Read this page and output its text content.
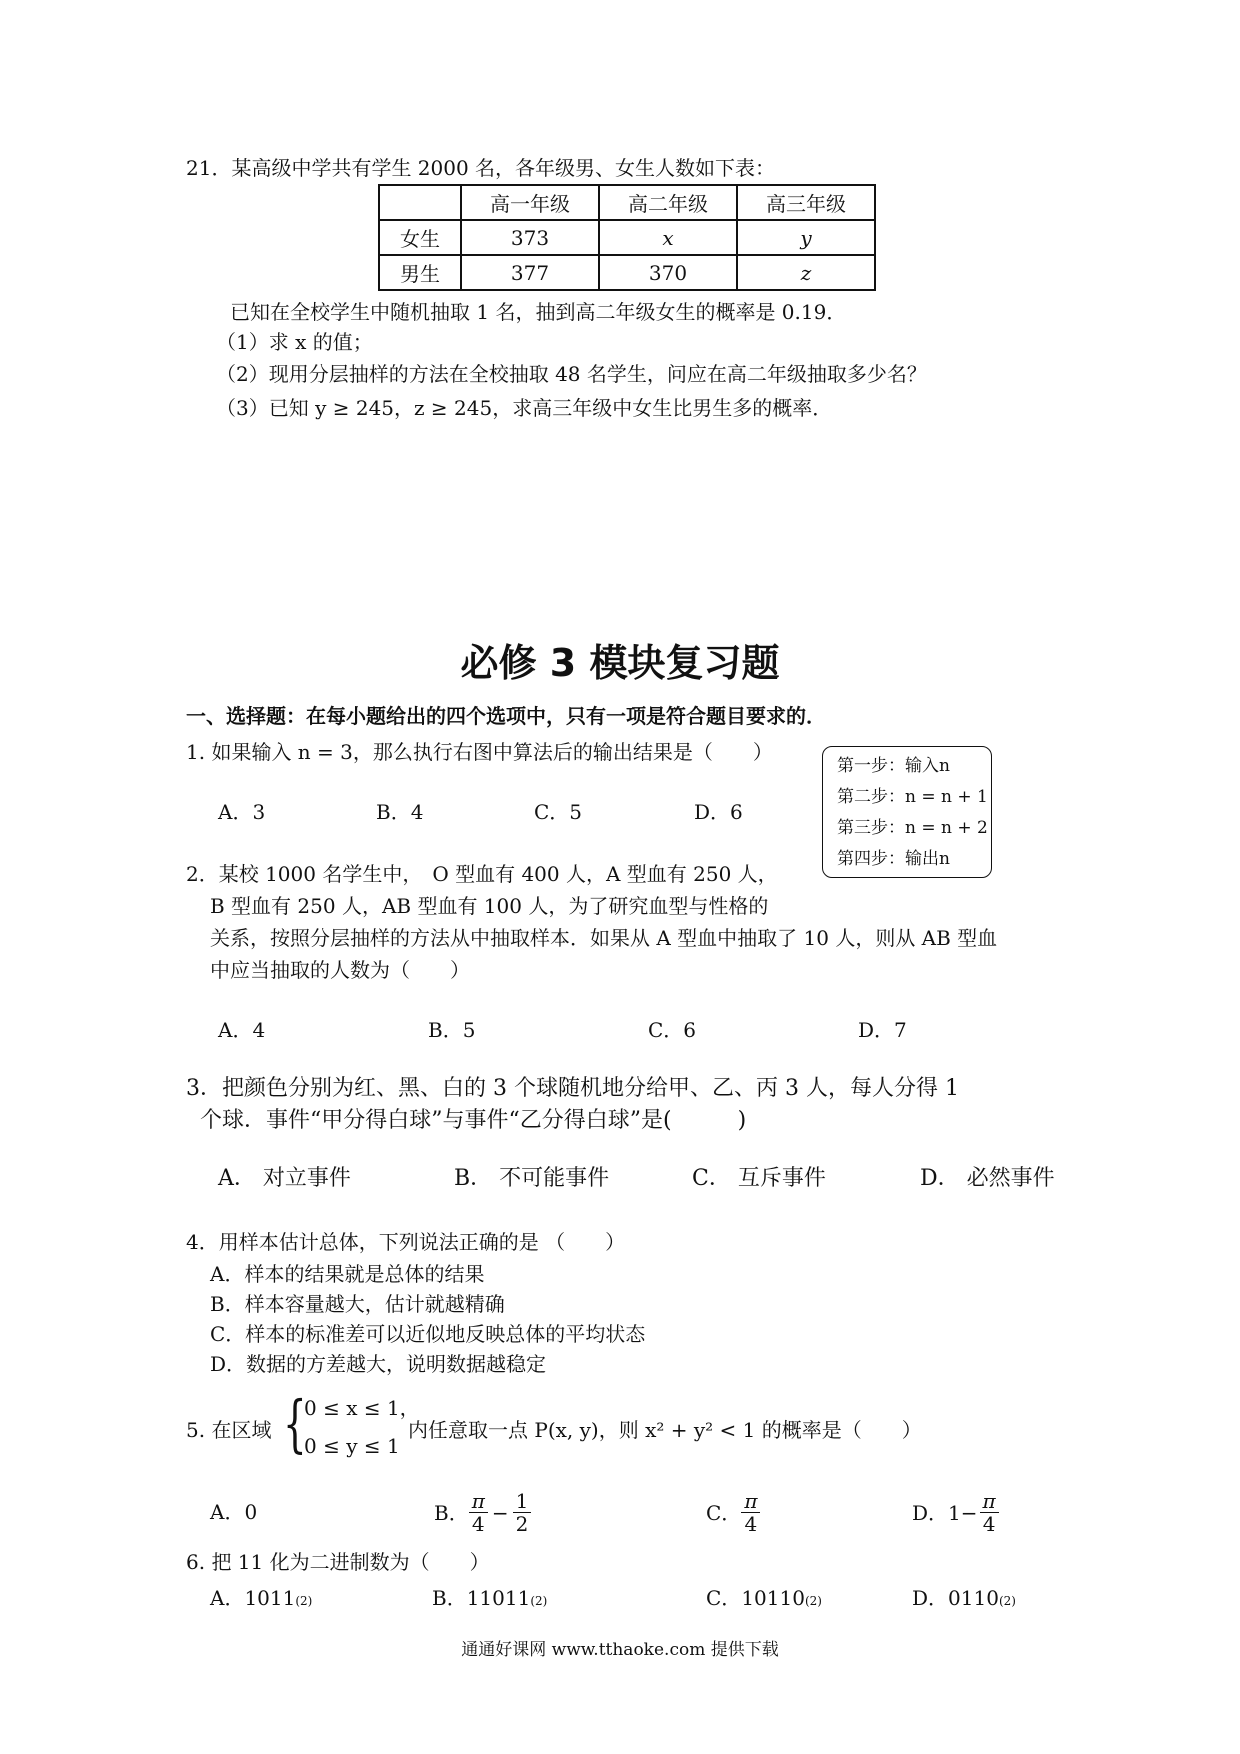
21．某高级中学共有学生 2000 名，各年级男、女生人数如下表：
	高一年级	高二年级	高三年级
女生	373	x	y
男生	377	370	z
已知在全校学生中随机抽取 1 名，抽到高二年级女生的概率是 0.19．
（1）求 x 的值；
（2）现用分层抽样的方法在全校抽取 48 名学生，问应在高二年级抽取多少名？
（3）已知 y ≥ 245，z ≥ 245，求高三年级中女生比男生多的概率．
必修 3 模块复习题
一、选择题：在每小题给出的四个选项中，只有一项是符合题目要求的．
1. 如果输入 n = 3，那么执行右图中算法后的输出结果是（　　）
A．3	B．4	C．5	D．6
第一步：输入n
第二步：n = n + 1
第三步：n = n + 2
第四步：输出n
2．某校 1000 名学生中，　O 型血有 400 人，A 型血有 250 人，
B 型血有 250 人，AB 型血有 100 人，为了研究血型与性格的
关系，按照分层抽样的方法从中抽取样本．如果从 A 型血中抽取了 10 人，则从 AB 型血
中应当抽取的人数为（　　）
A．4	B．5	C．6	D．7
3．把颜色分别为红、黑、白的 3 个球随机地分给甲、乙、丙 3 人，每人分得 1
个球．事件“甲分得白球”与事件“乙分得白球”是(　　　)
A． 对立事件	B． 不可能事件	C． 互斥事件	D． 必然事件
4．用样本估计总体，下列说法正确的是 （　　）
A．样本的结果就是总体的结果
B．样本容量越大，估计就越精确
C．样本的标准差可以近似地反映总体的平均状态
D．数据的方差越大，说明数据越稳定
5. 在区域 {
0 ≤ x ≤ 1，
0 ≤ y ≤ 1
内任意取一点 P(x, y)，则 x² + y² < 1 的概率是（　　）
A．0	B． $\frac{\pi}{4} - \frac{1}{2}$	C． $\frac{\pi}{4}$	D． $1- \frac{\pi}{4}$
6. 把 11 化为二进制数为（　　）
A．1011(2)	B．11011(2)	C．10110(2)	D．0110(2)
通通好课网 www.tthaoke.com 提供下载
